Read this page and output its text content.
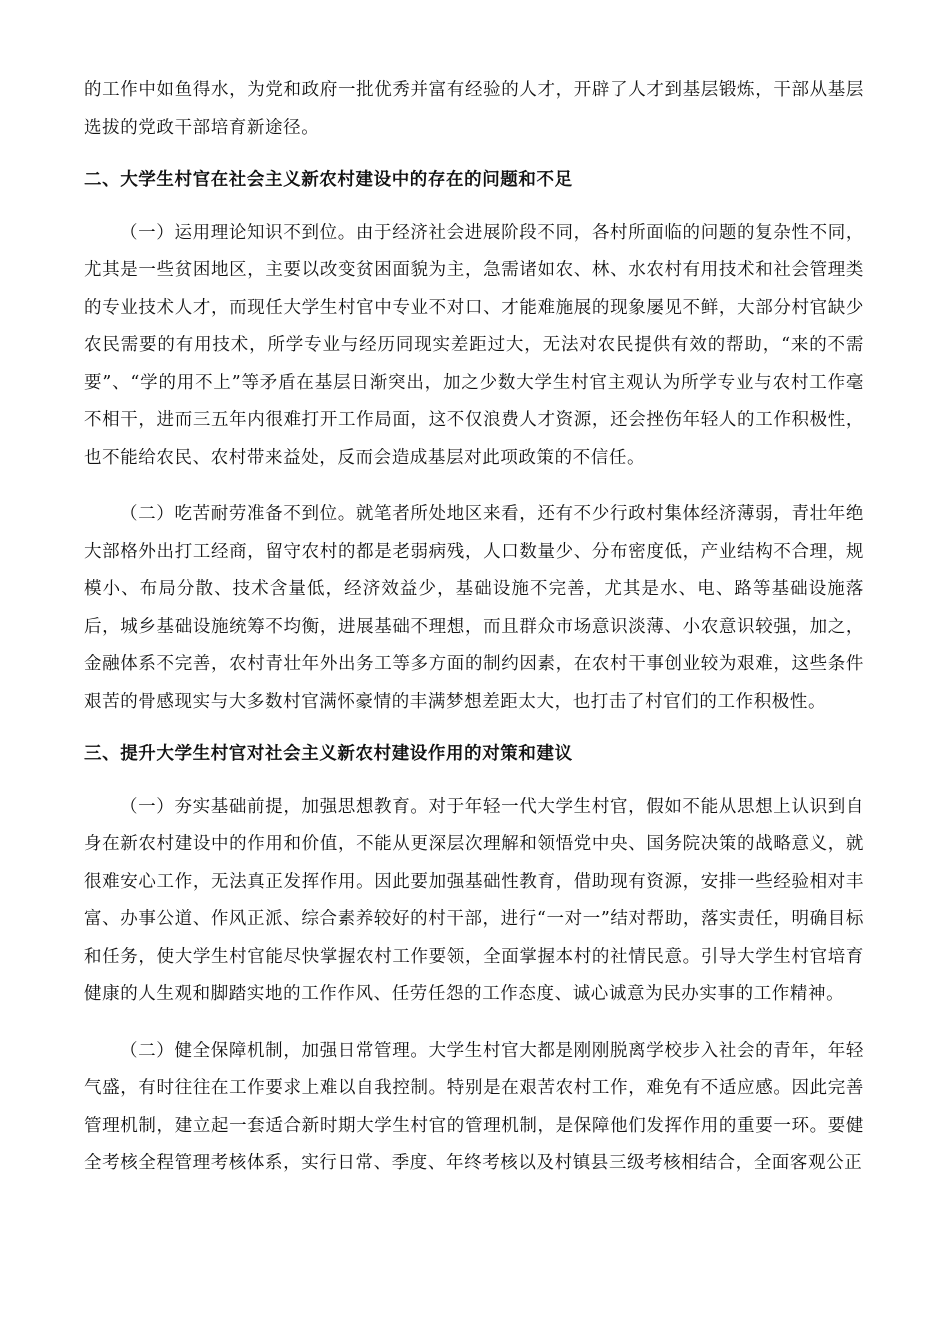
的工作中如鱼得水，为党和政府一批优秀并富有经验的人才，开辟了人才到基层锻炼，干部从基层选拔的党政干部培育新途径。

二、大学生村官在社会主义新农村建设中的存在的问题和不足

（一）运用理论知识不到位。由于经济社会进展阶段不同，各村所面临的问题的复杂性不同，尤其是一些贫困地区，主要以改变贫困面貌为主，急需诸如农、林、水农村有用技术和社会管理类的专业技术人才，而现任大学生村官中专业不对口、才能难施展的现象屡见不鲜，大部分村官缺少农民需要的有用技术，所学专业与经历同现实差距过大，无法对农民提供有效的帮助，“来的不需要”、“学的用不上”等矛盾在基层日渐突出，加之少数大学生村官主观认为所学专业与农村工作毫不相干，进而三五年内很难打开工作局面，这不仅浪费人才资源，还会挫伤年轻人的工作积极性，也不能给农民、农村带来益处，反而会造成基层对此项政策的不信任。

（二）吃苦耐劳准备不到位。就笔者所处地区来看，还有不少行政村集体经济薄弱，青壮年绝大部格外出打工经商，留守农村的都是老弱病残，人口数量少、分布密度低，产业结构不合理，规模小、布局分散、技术含量低，经济效益少，基础设施不完善，尤其是水、电、路等基础设施落后，城乡基础设施统筹不均衡，进展基础不理想，而且群众市场意识淡薄、小农意识较强，加之，金融体系不完善，农村青壮年外出务工等多方面的制约因素，在农村干事创业较为艰难，这些条件艰苦的骨感现实与大多数村官满怀豪情的丰满梦想差距太大，也打击了村官们的工作积极性。

三、提升大学生村官对社会主义新农村建设作用的对策和建议

（一）夯实基础前提，加强思想教育。对于年轻一代大学生村官，假如不能从思想上认识到自身在新农村建设中的作用和价值，不能从更深层次理解和领悟党中央、国务院决策的战略意义，就很难安心工作，无法真正发挥作用。因此要加强基础性教育，借助现有资源，安排一些经验相对丰富、办事公道、作风正派、综合素养较好的村干部，进行“一对一”结对帮助，落实责任，明确目标和任务，使大学生村官能尽快掌握农村工作要领，全面掌握本村的社情民意。引导大学生村官培育健康的人生观和脚踏实地的工作作风、任劳任怨的工作态度、诚心诚意为民办实事的工作精神。

（二）健全保障机制，加强日常管理。大学生村官大都是刚刚脱离学校步入社会的青年，年轻气盛，有时往往在工作要求上难以自我控制。特别是在艰苦农村工作，难免有不适应感。因此完善管理机制，建立起一套适合新时期大学生村官的管理机制，是保障他们发挥作用的重要一环。要健全考核全程管理考核体系，实行日常、季度、年终考核以及村镇县三级考核相结合，全面客观公正
